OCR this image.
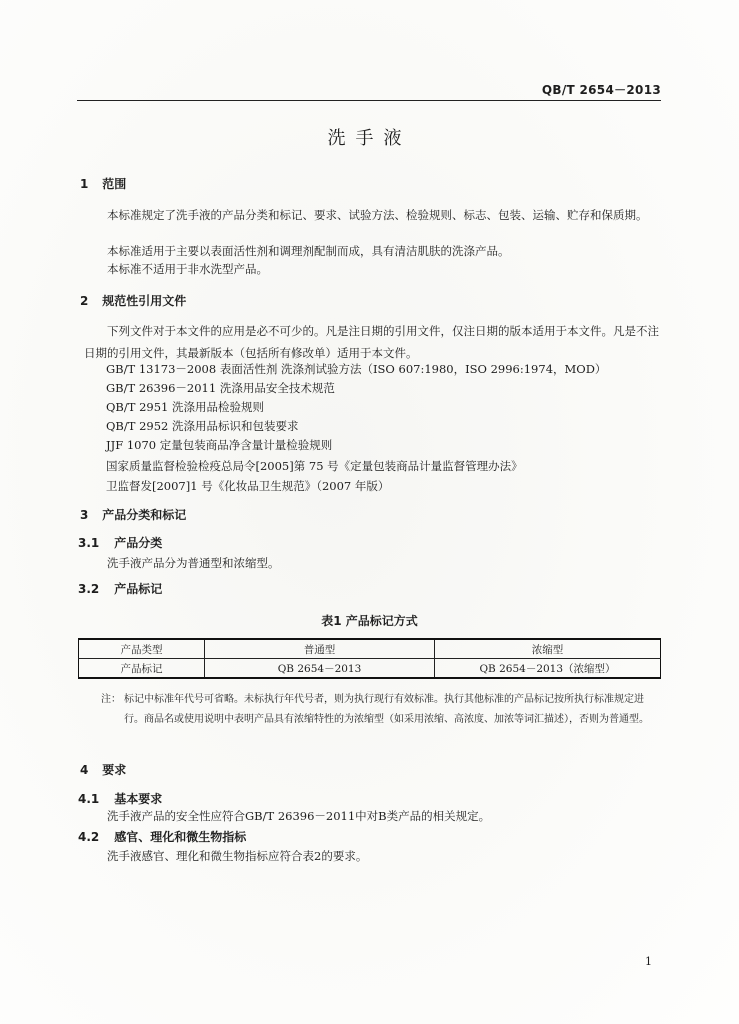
QB/T 2654－2013
洗手液
1 范围
本标准规定了洗手液的产品分类和标记、要求、试验方法、检验规则、标志、包装、运输、贮存和保质期。
本标准适用于主要以表面活性剂和调理剂配制而成，具有清洁肌肤的洗涤产品。
本标准不适用于非水洗型产品。
2 规范性引用文件
下列文件对于本文件的应用是必不可少的。凡是注日期的引用文件，仅注日期的版本适用于本文件。凡是不注日期的引用文件，其最新版本（包括所有修改单）适用于本文件。
GB/T 13173－2008 表面活性剂 洗涤剂试验方法（ISO 607:1980，ISO 2996:1974，MOD）
GB/T 26396－2011 洗涤用品安全技术规范
QB/T 2951 洗涤用品检验规则
QB/T 2952 洗涤用品标识和包装要求
JJF 1070 定量包装商品净含量计量检验规则
国家质量监督检验检疫总局令[2005]第 75 号《定量包装商品计量监督管理办法》
卫监督发[2007]1 号《化妆品卫生规范》（2007 年版）
3 产品分类和标记
3.1 产品分类
洗手液产品分为普通型和浓缩型。
3.2 产品标记
表1 产品标记方式
产品类型	普通型	浓缩型
产品标记	QB 2654－2013	QB 2654－2013（浓缩型）
注： 标记中标准年代号可省略。未标执行年代号者，则为执行现行有效标准。执行其他标准的产品标记按所执行标准规定进行。商品名或使用说明中表明产品具有浓缩特性的为浓缩型（如采用浓缩、高浓度、加浓等词汇描述），否则为普通型。
4 要求
4.1 基本要求
洗手液产品的安全性应符合GB/T 26396－2011中对B类产品的相关规定。
4.2 感官、理化和微生物指标
洗手液感官、理化和微生物指标应符合表2的要求。
1
